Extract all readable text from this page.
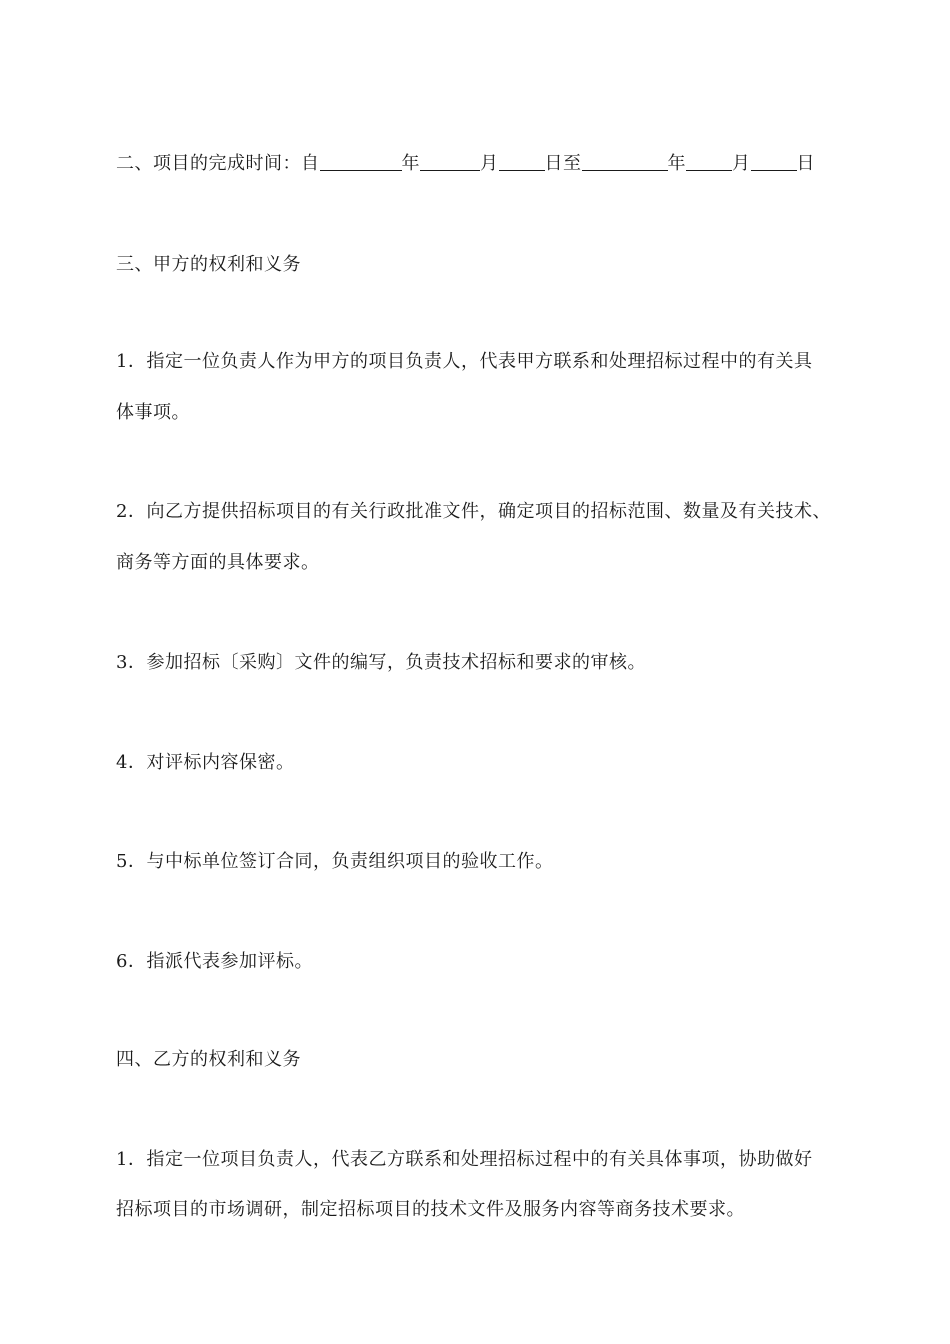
二、项目的完成时间：自	年	月	日至	年	月	日
三、甲方的权利和义务
1．指定一位负责人作为甲方的项目负责人，代表甲方联系和处理招标过程中的有关具
体事项。
2．向乙方提供招标项目的有关行政批准文件，确定项目的招标范围、数量及有关技术、
商务等方面的具体要求。
3．参加招标〔采购〕文件的编写，负责技术招标和要求的审核。
4．对评标内容保密。
5．与中标单位签订合同，负责组织项目的验收工作。
6．指派代表参加评标。
四、乙方的权利和义务
1．指定一位项目负责人，代表乙方联系和处理招标过程中的有关具体事项，协助做好
招标项目的市场调研，制定招标项目的技术文件及服务内容等商务技术要求。
